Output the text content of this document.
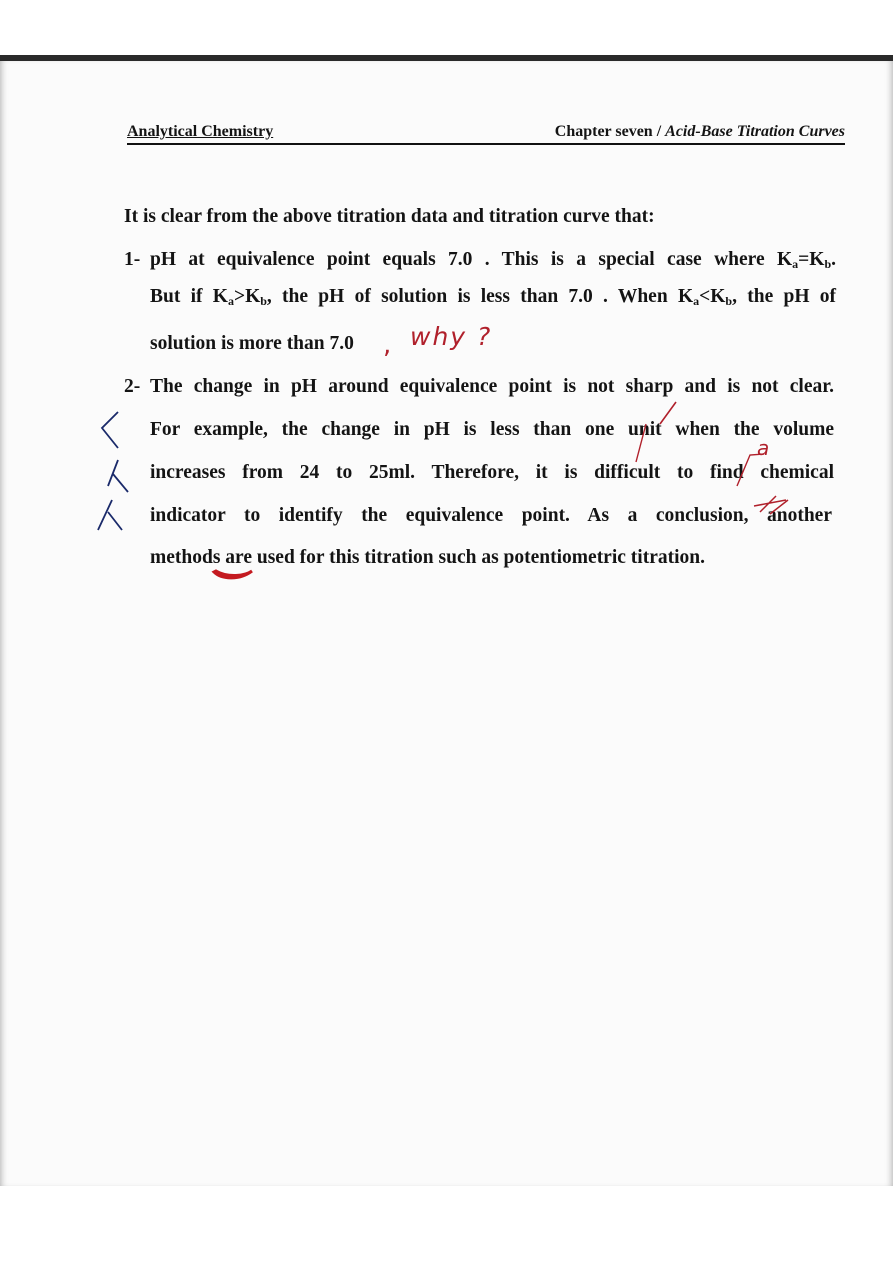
Analytical Chemistry	Chapter seven / Acid-Base Titration Curves
It is clear from the above titration data and titration curve that:
1- pH at equivalence point equals 7.0 . This is a special case where $K_a=K_b$.
But if $K_a>K_b$, the pH of solution is less than 7.0 . When $K_a<K_b$, the pH of
solution is more than 7.0
2- The change in pH around equivalence point is not sharp and is not clear.
For example, the change in pH is less than one unit when the volume
increases from 24 to 25ml. Therefore, it is difficult to find chemical
indicator to identify the equivalence point. As a conclusion, another
methods are used for this titration such as potentiometric titration.
, why ?
a
